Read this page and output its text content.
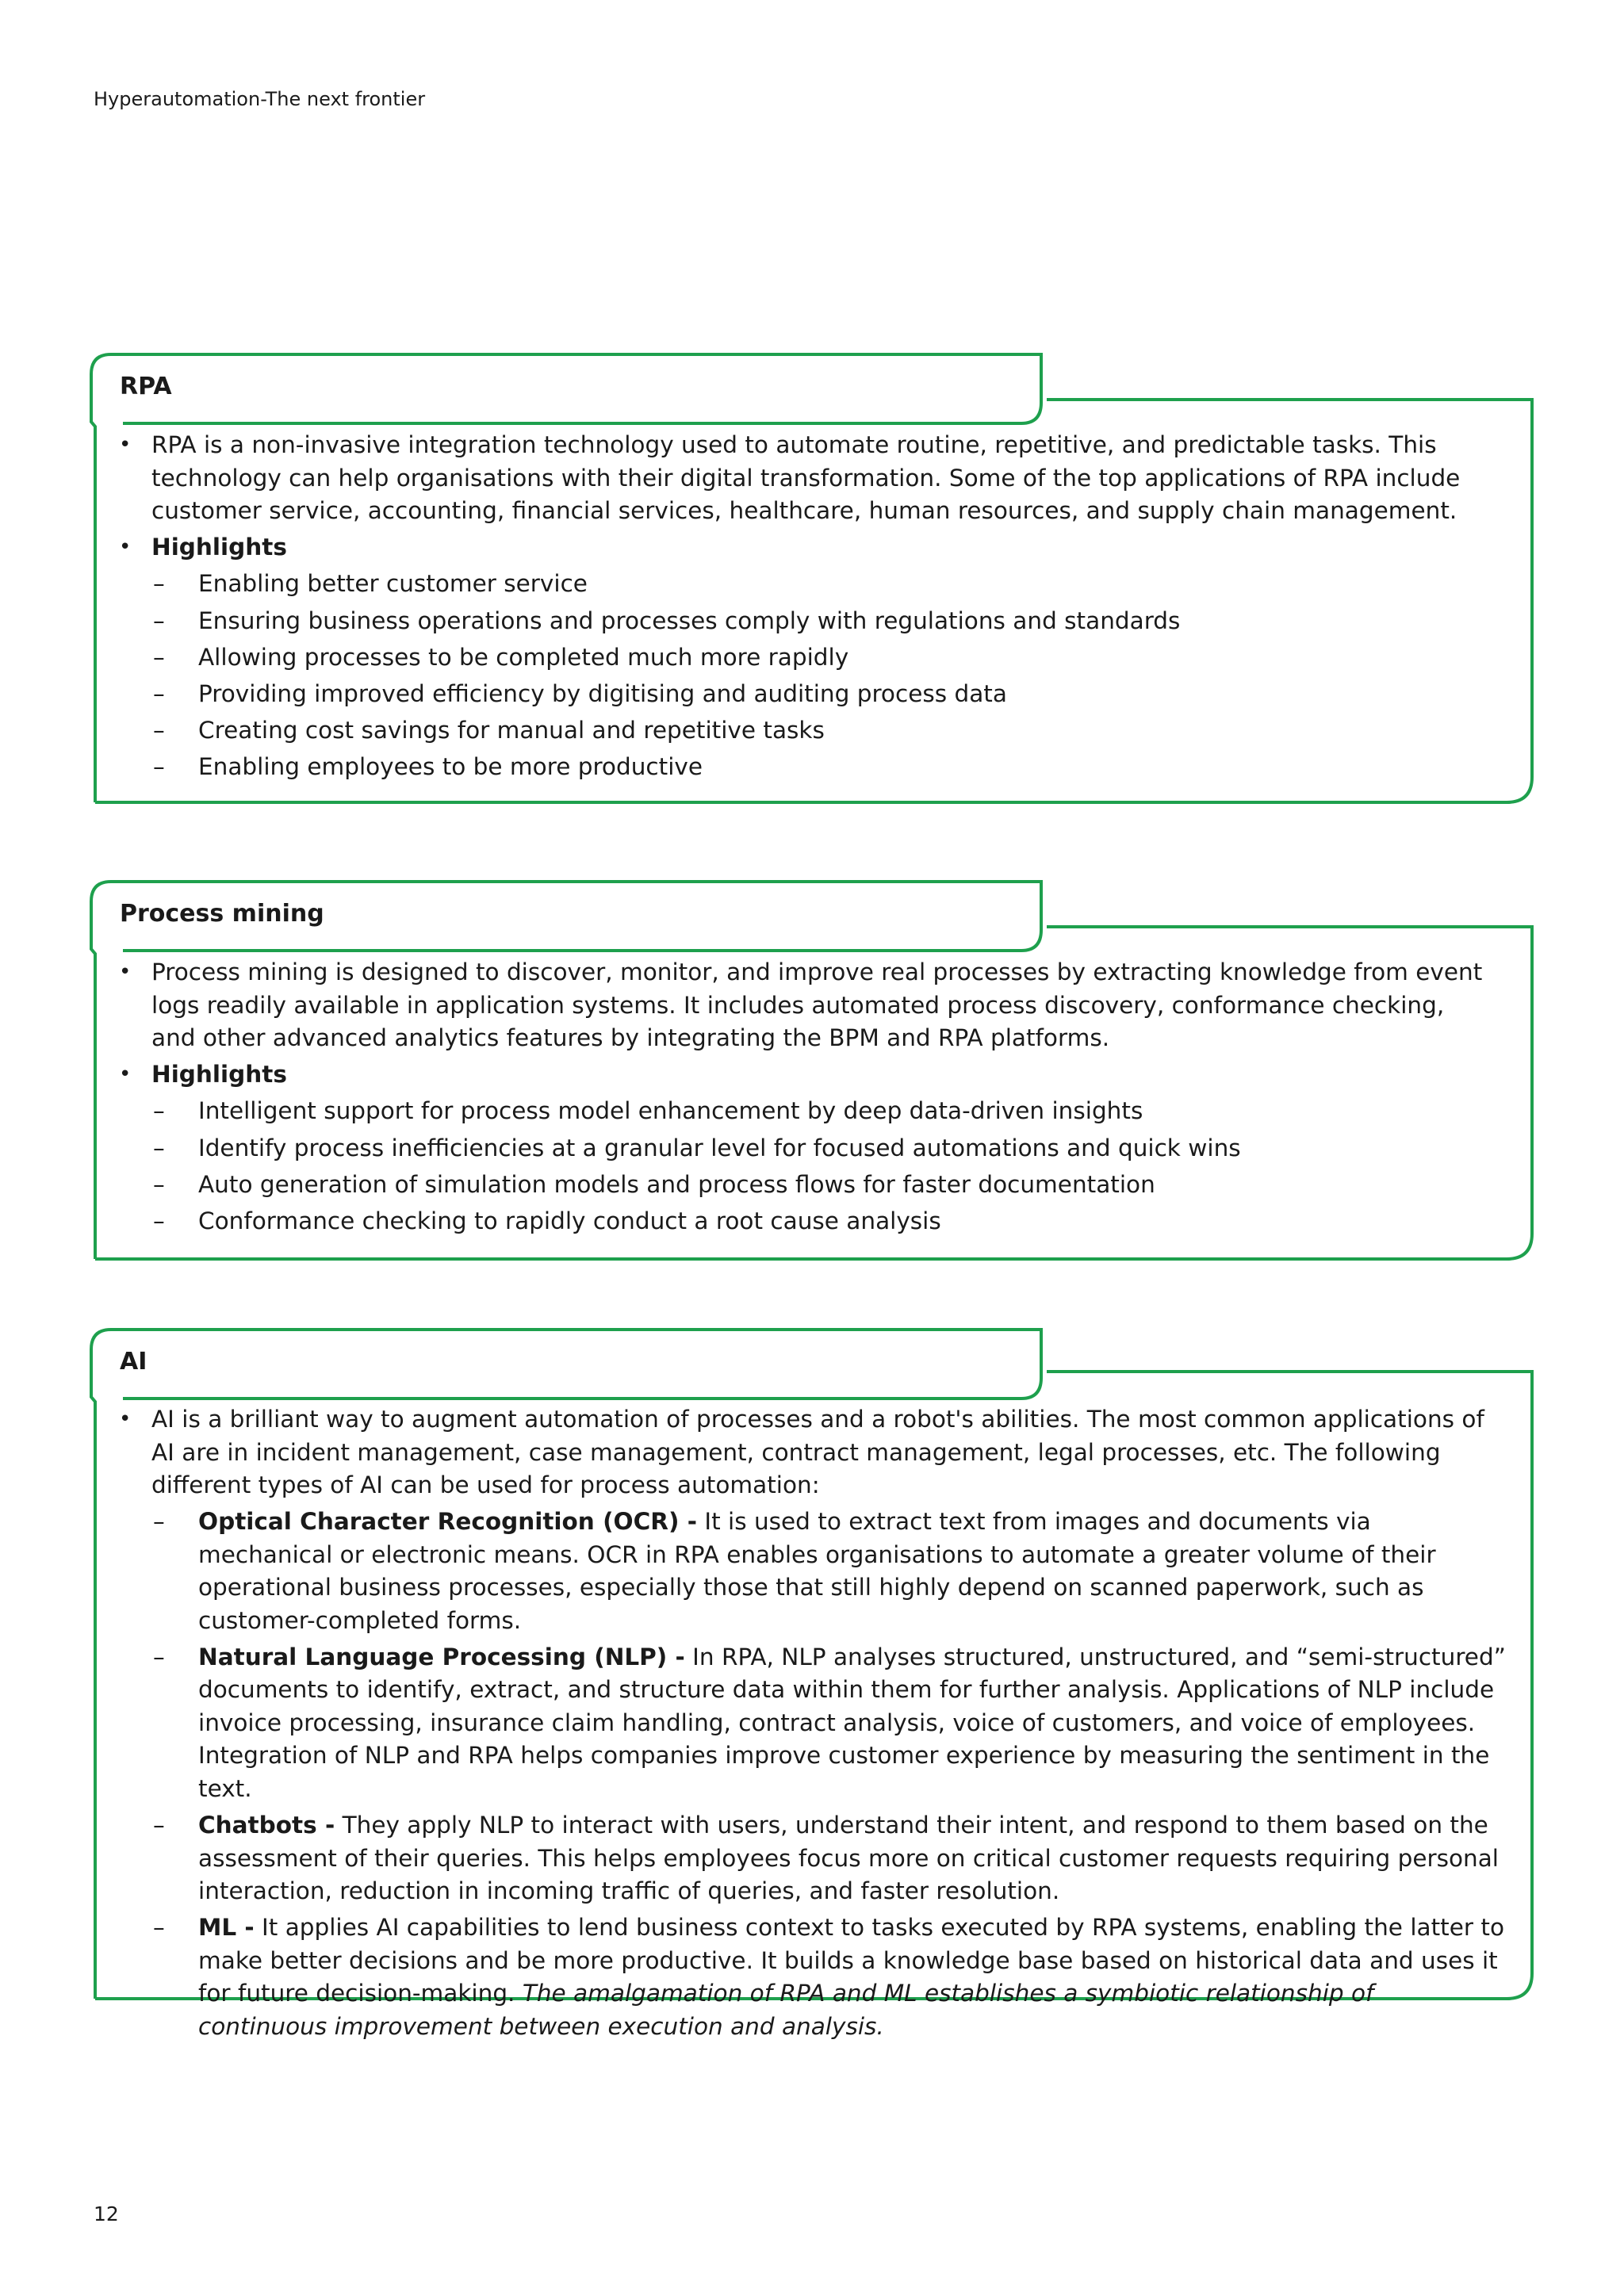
Hyperautomation-The next frontier
RPA
• RPA is a non-invasive integration technology used to automate routine, repetitive, and predictable tasks. This technology can help organisations with their digital transformation. Some of the top applications of RPA include customer service, accounting, financial services, healthcare, human resources, and supply chain management.
• Highlights
–	Enabling better customer service
–	Ensuring business operations and processes comply with regulations and standards
–	Allowing processes to be completed much more rapidly
–	Providing improved efficiency by digitising and auditing process data
–	Creating cost savings for manual and repetitive tasks
–	Enabling employees to be more productive
Process mining
• Process mining is designed to discover, monitor, and improve real processes by extracting knowledge from event logs readily available in application systems. It includes automated process discovery, conformance checking, and other advanced analytics features by integrating the BPM and RPA platforms.
• Highlights
–	Intelligent support for process model enhancement by deep data-driven insights
–	Identify process inefficiencies at a granular level for focused automations and quick wins
–	Auto generation of simulation models and process flows for faster documentation
–	Conformance checking to rapidly conduct a root cause analysis
AI
• AI is a brilliant way to augment automation of processes and a robot's abilities. The most common applications of AI are in incident management, case management, contract management, legal processes, etc. The following different types of AI can be used for process automation:
–	Optical Character Recognition (OCR) - It is used to extract text from images and documents via mechanical or electronic means. OCR in RPA enables organisations to automate a greater volume of their operational business processes, especially those that still highly depend on scanned paperwork, such as customer-completed forms.
–	Natural Language Processing (NLP) - In RPA, NLP analyses structured, unstructured, and “semi-structured” documents to identify, extract, and structure data within them for further analysis. Applications of NLP include invoice processing, insurance claim handling, contract analysis, voice of customers, and voice of employees. Integration of NLP and RPA helps companies improve customer experience by measuring the sentiment in the text.
–	Chatbots - They apply NLP to interact with users, understand their intent, and respond to them based on the assessment of their queries. This helps employees focus more on critical customer requests requiring personal interaction, reduction in incoming traffic of queries, and faster resolution.
–	ML - It applies AI capabilities to lend business context to tasks executed by RPA systems, enabling the latter to make better decisions and be more productive. It builds a knowledge base based on historical data and uses it for future decision-making. The amalgamation of RPA and ML establishes a symbiotic relationship of continuous improvement between execution and analysis.
12
